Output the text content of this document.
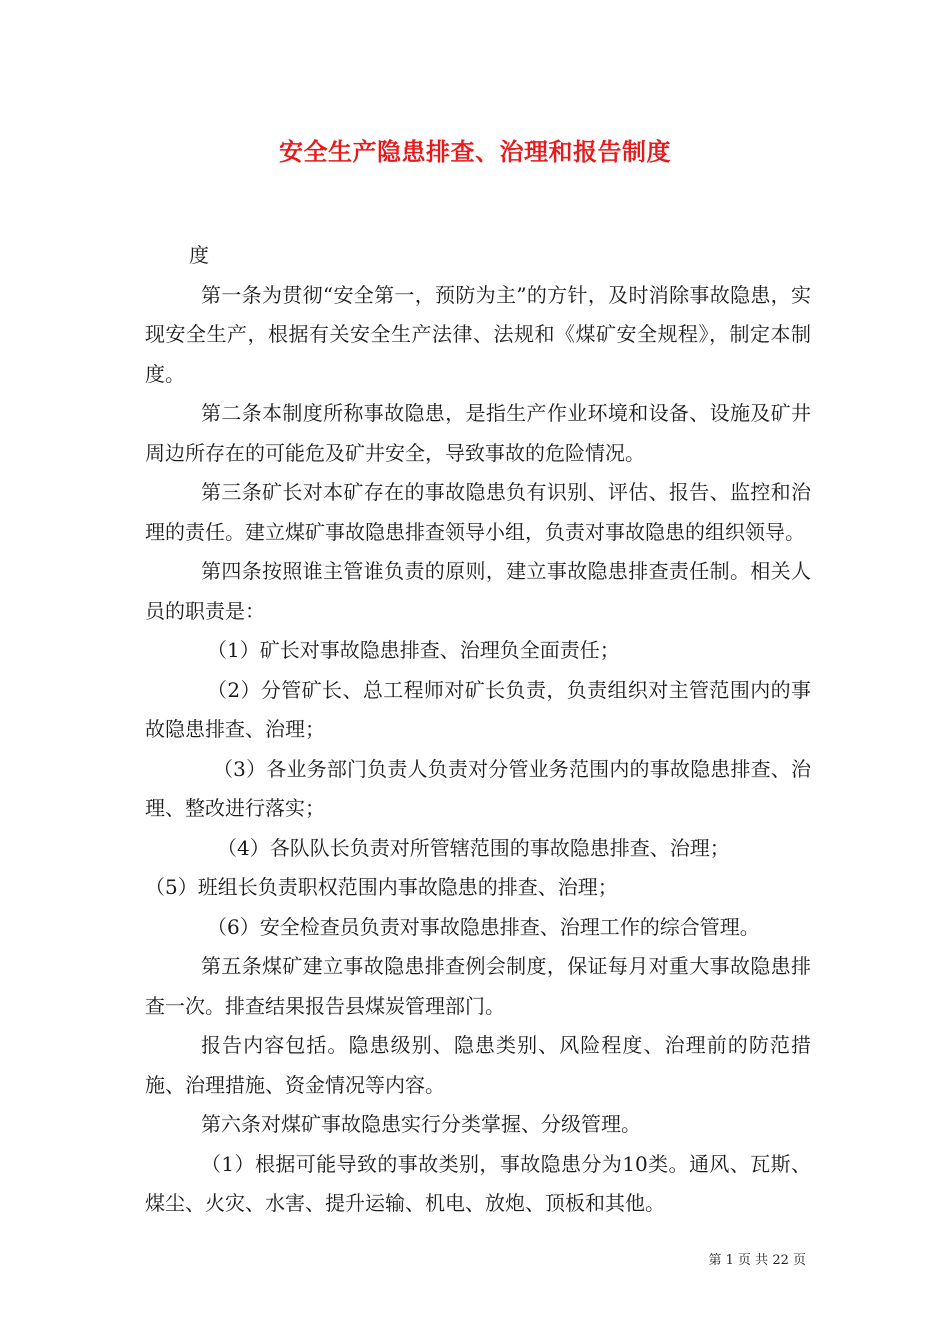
安全生产隐患排查、治理和报告制度

度

第一条为贯彻“安全第一，预防为主”的方针，及时消除事故隐患，实现安全生产，根据有关安全生产法律、法规和《煤矿安全规程》，制定本制度。

第二条本制度所称事故隐患，是指生产作业环境和设备、设施及矿井周边所存在的可能危及矿井安全，导致事故的危险情况。

第三条矿长对本矿存在的事故隐患负有识别、评估、报告、监控和治理的责任。建立煤矿事故隐患排查领导小组，负责对事故隐患的组织领导。

第四条按照谁主管谁负责的原则，建立事故隐患排查责任制。相关人员的职责是：

（1）矿长对事故隐患排查、治理负全面责任；

（2）分管矿长、总工程师对矿长负责，负责组织对主管范围内的事故隐患排查、治理；

（3）各业务部门负责人负责对分管业务范围内的事故隐患排查、治理、整改进行落实；

（4）各队队长负责对所管辖范围的事故隐患排查、治理；

（5）班组长负责职权范围内事故隐患的排查、治理；

（6）安全检查员负责对事故隐患排查、治理工作的综合管理。

第五条煤矿建立事故隐患排查例会制度，保证每月对重大事故隐患排查一次。排查结果报告县煤炭管理部门。

报告内容包括。隐患级别、隐患类别、风险程度、治理前的防范措施、治理措施、资金情况等内容。

第六条对煤矿事故隐患实行分类掌握、分级管理。

（1）根据可能导致的事故类别，事故隐患分为10类。通风、瓦斯、煤尘、火灾、水害、提升运输、机电、放炮、顶板和其他。

第 1 页 共 22 页
